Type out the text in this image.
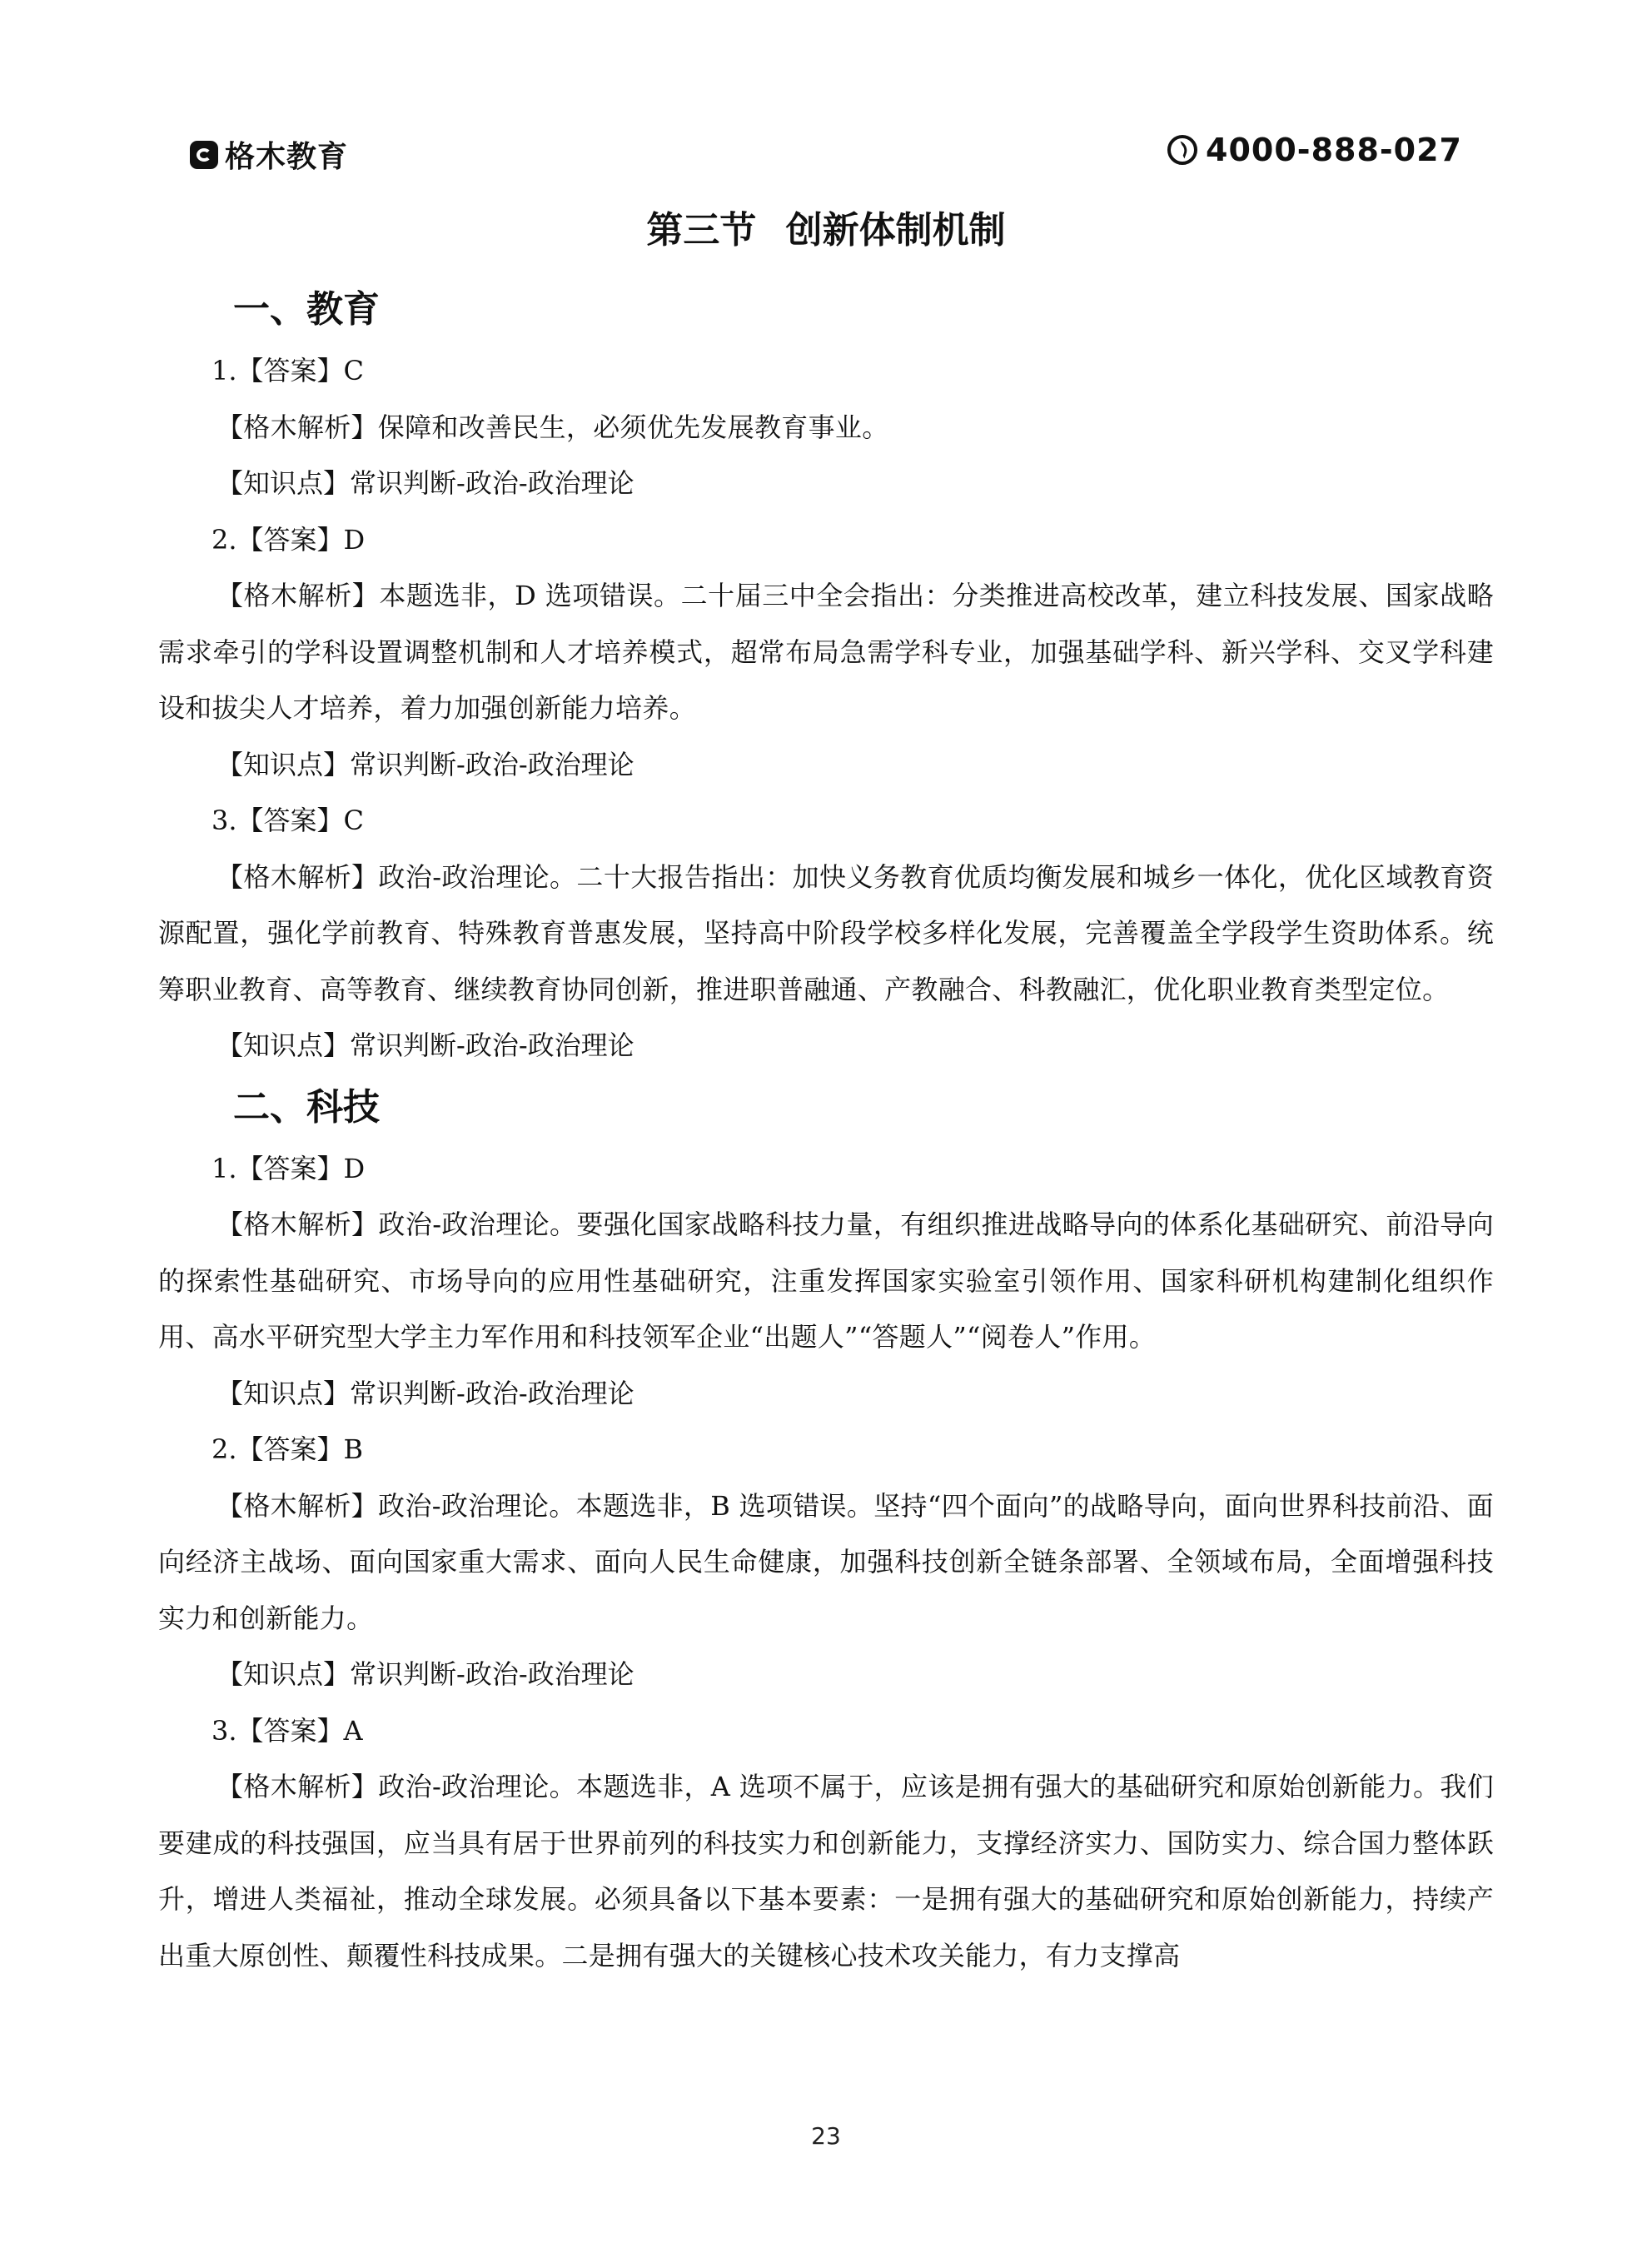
格木教育	4000-888-027
第三节 创新体制机制
一、教育

1.【答案】C

【格木解析】保障和改善民生，必须优先发展教育事业。

【知识点】常识判断-政治-政治理论

2.【答案】D

【格木解析】本题选非，D 选项错误。二十届三中全会指出：分类推进高校改革，建立科技发展、国家战略需求牵引的学科设置调整机制和人才培养模式，超常布局急需学科专业，加强基础学科、新兴学科、交叉学科建设和拔尖人才培养，着力加强创新能力培养。

【知识点】常识判断-政治-政治理论

3.【答案】C

【格木解析】政治-政治理论。二十大报告指出：加快义务教育优质均衡发展和城乡一体化，优化区域教育资源配置，强化学前教育、特殊教育普惠发展，坚持高中阶段学校多样化发展，完善覆盖全学段学生资助体系。统筹职业教育、高等教育、继续教育协同创新，推进职普融通、产教融合、科教融汇，优化职业教育类型定位。

【知识点】常识判断-政治-政治理论

二、科技

1.【答案】D

【格木解析】政治-政治理论。要强化国家战略科技力量，有组织推进战略导向的体系化基础研究、前沿导向的探索性基础研究、市场导向的应用性基础研究，注重发挥国家实验室引领作用、国家科研机构建制化组织作用、高水平研究型大学主力军作用和科技领军企业“出题人”“答题人”“阅卷人”作用。

【知识点】常识判断-政治-政治理论

2.【答案】B

【格木解析】政治-政治理论。本题选非，B 选项错误。坚持“四个面向”的战略导向，面向世界科技前沿、面向经济主战场、面向国家重大需求、面向人民生命健康，加强科技创新全链条部署、全领域布局，全面增强科技实力和创新能力。

【知识点】常识判断-政治-政治理论

3.【答案】A

【格木解析】政治-政治理论。本题选非，A 选项不属于，应该是拥有强大的基础研究和原始创新能力。我们要建成的科技强国，应当具有居于世界前列的科技实力和创新能力，支撑经济实力、国防实力、综合国力整体跃升，增进人类福祉，推动全球发展。必须具备以下基本要素：一是拥有强大的基础研究和原始创新能力，持续产出重大原创性、颠覆性科技成果。二是拥有强大的关键核心技术攻关能力，有力支撑高

23
